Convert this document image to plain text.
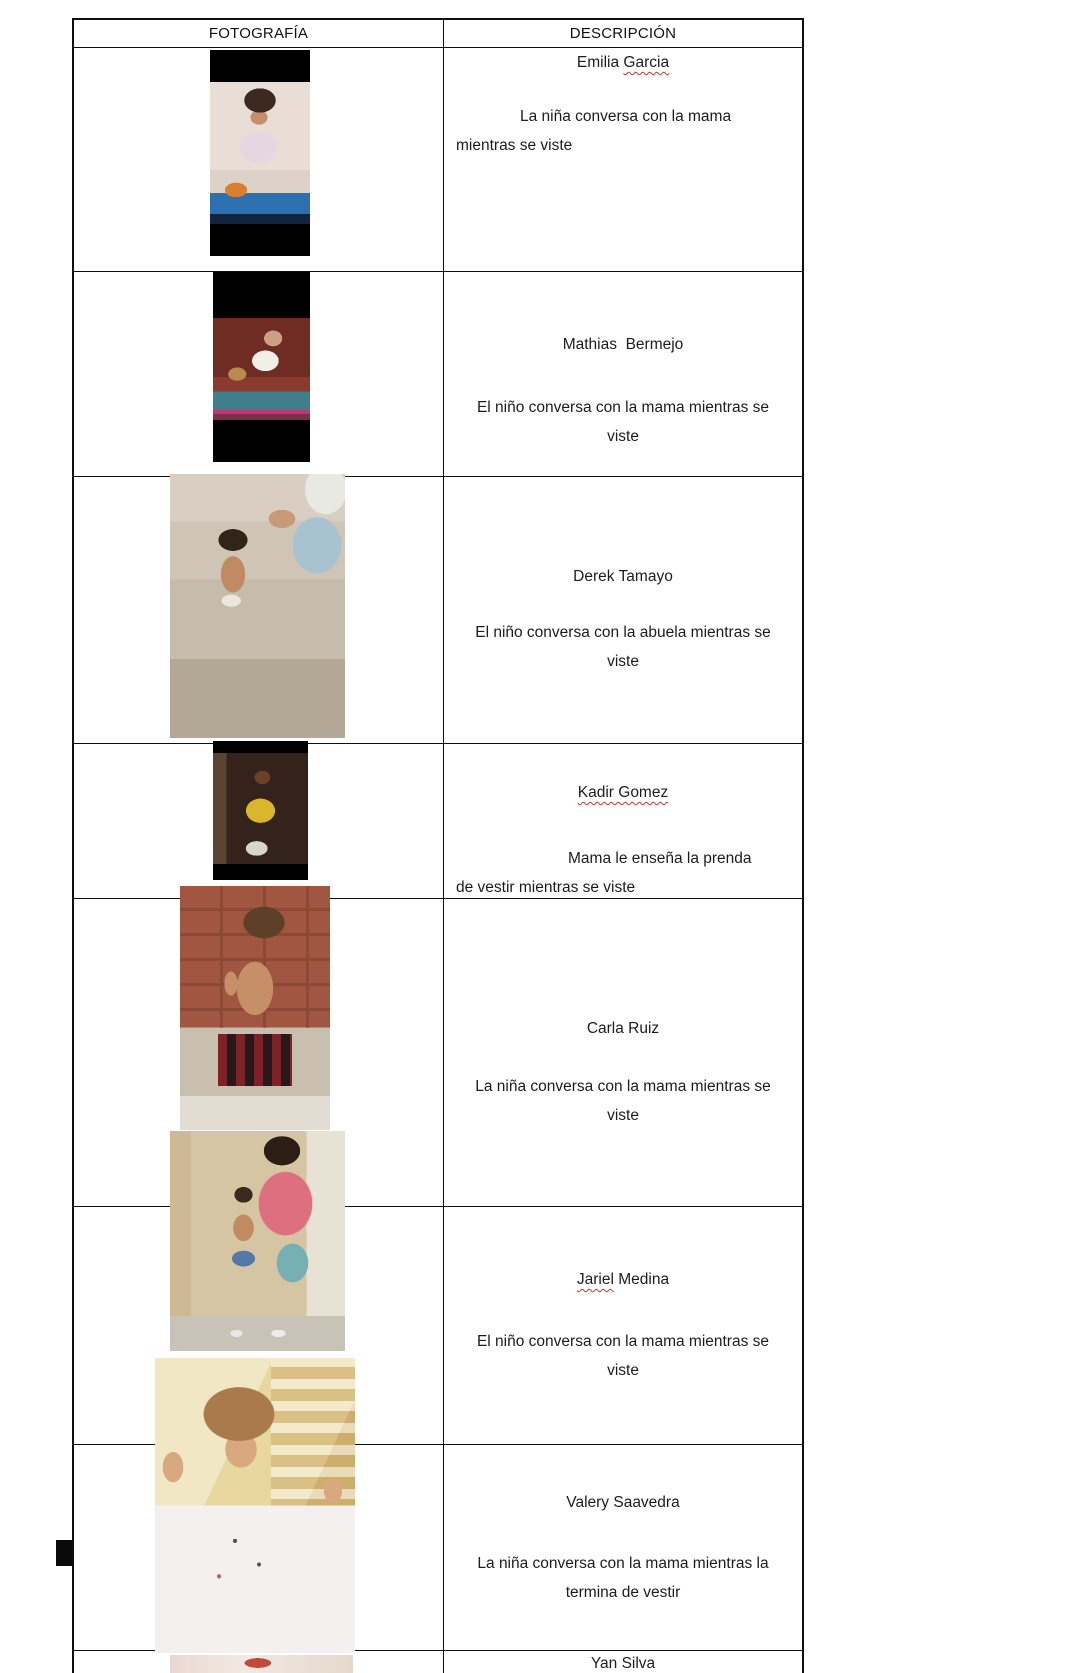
FOTOGRAFÍA	DESCRIPCIÓN
Emilia Garcia
La niña conversa con la mama
mientras se viste
Mathias  Bermejo
El niño conversa con la mama mientras se
viste
Derek Tamayo
El niño conversa con la abuela mientras se
viste
Kadir Gomez
Mama le enseña la prenda
de vestir mientras se viste
Carla Ruiz
La niña conversa con la mama mientras se
viste
Jariel Medina
El niño conversa con la mama mientras se
viste
Valery Saavedra
La niña conversa con la mama mientras la
termina de vestir
Yan Silva
